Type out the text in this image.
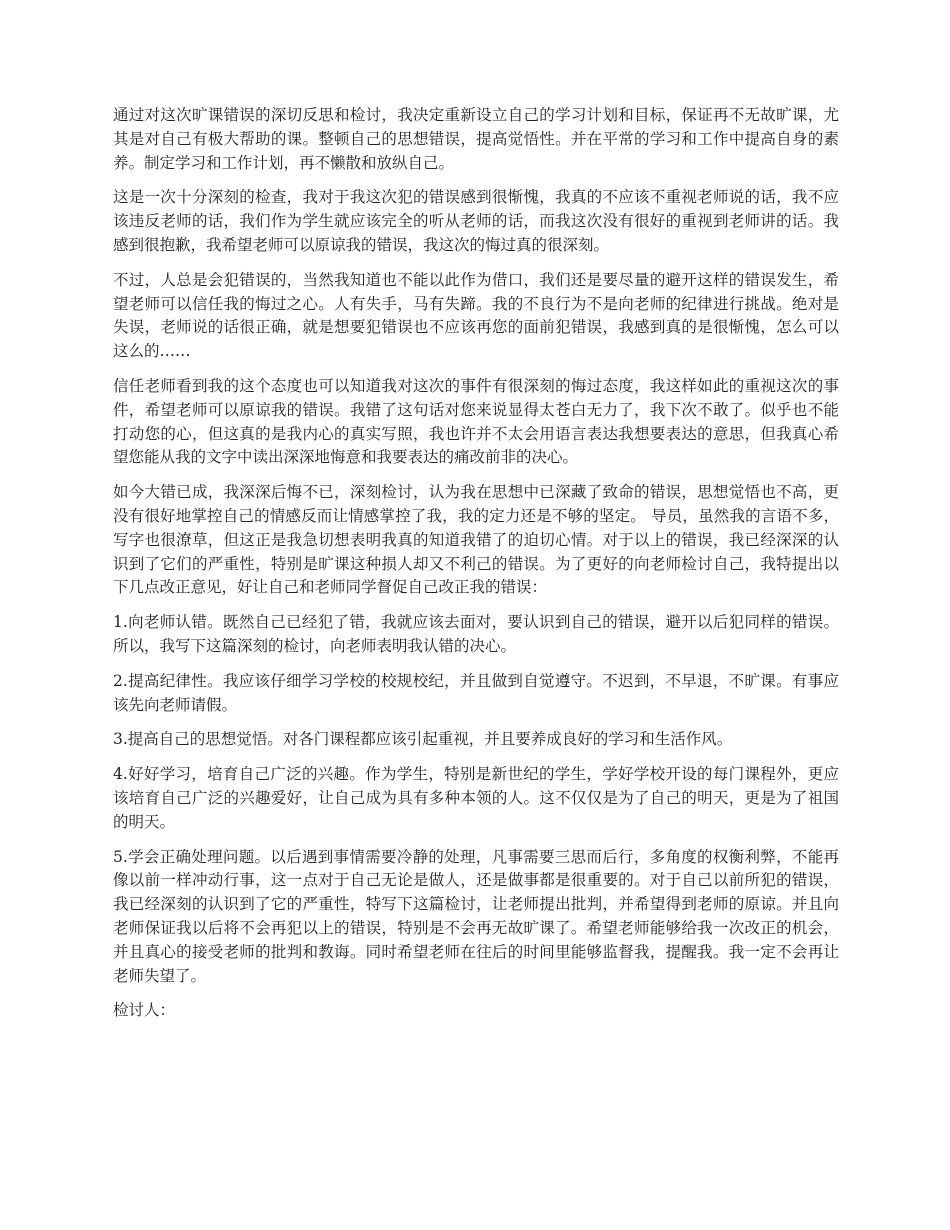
通过对这次旷课错误的深切反思和检讨，我决定重新设立自己的学习计划和目标，保证再不无故旷课，尤其是对自己有极大帮助的课。整顿自己的思想错误，提高觉悟性。并在平常的学习和工作中提高自身的素养。制定学习和工作计划，再不懒散和放纵自己。

这是一次十分深刻的检查，我对于我这次犯的错误感到很惭愧，我真的不应该不重视老师说的话，我不应该违反老师的话，我们作为学生就应该完全的听从老师的话，而我这次没有很好的重视到老师讲的话。我感到很抱歉，我希望老师可以原谅我的错误，我这次的悔过真的很深刻。

不过，人总是会犯错误的，当然我知道也不能以此作为借口，我们还是要尽量的避开这样的错误发生，希望老师可以信任我的悔过之心。人有失手，马有失蹄。我的不良行为不是向老师的纪律进行挑战。绝对是失误，老师说的话很正确，就是想要犯错误也不应该再您的面前犯错误，我感到真的是很惭愧，怎么可以这么的……

信任老师看到我的这个态度也可以知道我对这次的事件有很深刻的悔过态度，我这样如此的重视这次的事件，希望老师可以原谅我的错误。我错了这句话对您来说显得太苍白无力了，我下次不敢了。似乎也不能打动您的心，但这真的是我内心的真实写照，我也许并不太会用语言表达我想要表达的意思，但我真心希望您能从我的文字中读出深深地悔意和我要表达的痛改前非的决心。

如今大错已成，我深深后悔不已，深刻检讨，认为我在思想中已深藏了致命的错误，思想觉悟也不高，更没有很好地掌控自己的情感反而让情感掌控了我，我的定力还是不够的坚定。 导员，虽然我的言语不多，写字也很潦草，但这正是我急切想表明我真的知道我错了的迫切心情。对于以上的错误，我已经深深的认识到了它们的严重性，特别是旷课这种损人却又不利己的错误。为了更好的向老师检讨自己，我特提出以下几点改正意见，好让自己和老师同学督促自己改正我的错误：

1.向老师认错。既然自己已经犯了错，我就应该去面对，要认识到自己的错误，避开以后犯同样的错误。所以，我写下这篇深刻的检讨，向老师表明我认错的决心。

2.提高纪律性。我应该仔细学习学校的校规校纪，并且做到自觉遵守。不迟到，不早退，不旷课。有事应该先向老师请假。

3.提高自己的思想觉悟。对各门课程都应该引起重视，并且要养成良好的学习和生活作风。

4.好好学习，培育自己广泛的兴趣。作为学生，特别是新世纪的学生，学好学校开设的每门课程外，更应该培育自己广泛的兴趣爱好，让自己成为具有多种本领的人。这不仅仅是为了自己的明天，更是为了祖国的明天。

5.学会正确处理问题。以后遇到事情需要冷静的处理，凡事需要三思而后行，多角度的权衡利弊，不能再像以前一样冲动行事，这一点对于自己无论是做人，还是做事都是很重要的。对于自己以前所犯的错误，我已经深刻的认识到了它的严重性，特写下这篇检讨，让老师提出批判，并希望得到老师的原谅。并且向老师保证我以后将不会再犯以上的错误，特别是不会再无故旷课了。希望老师能够给我一次改正的机会，并且真心的接受老师的批判和教诲。同时希望老师在往后的时间里能够监督我，提醒我。我一定不会再让老师失望了。

检讨人：
